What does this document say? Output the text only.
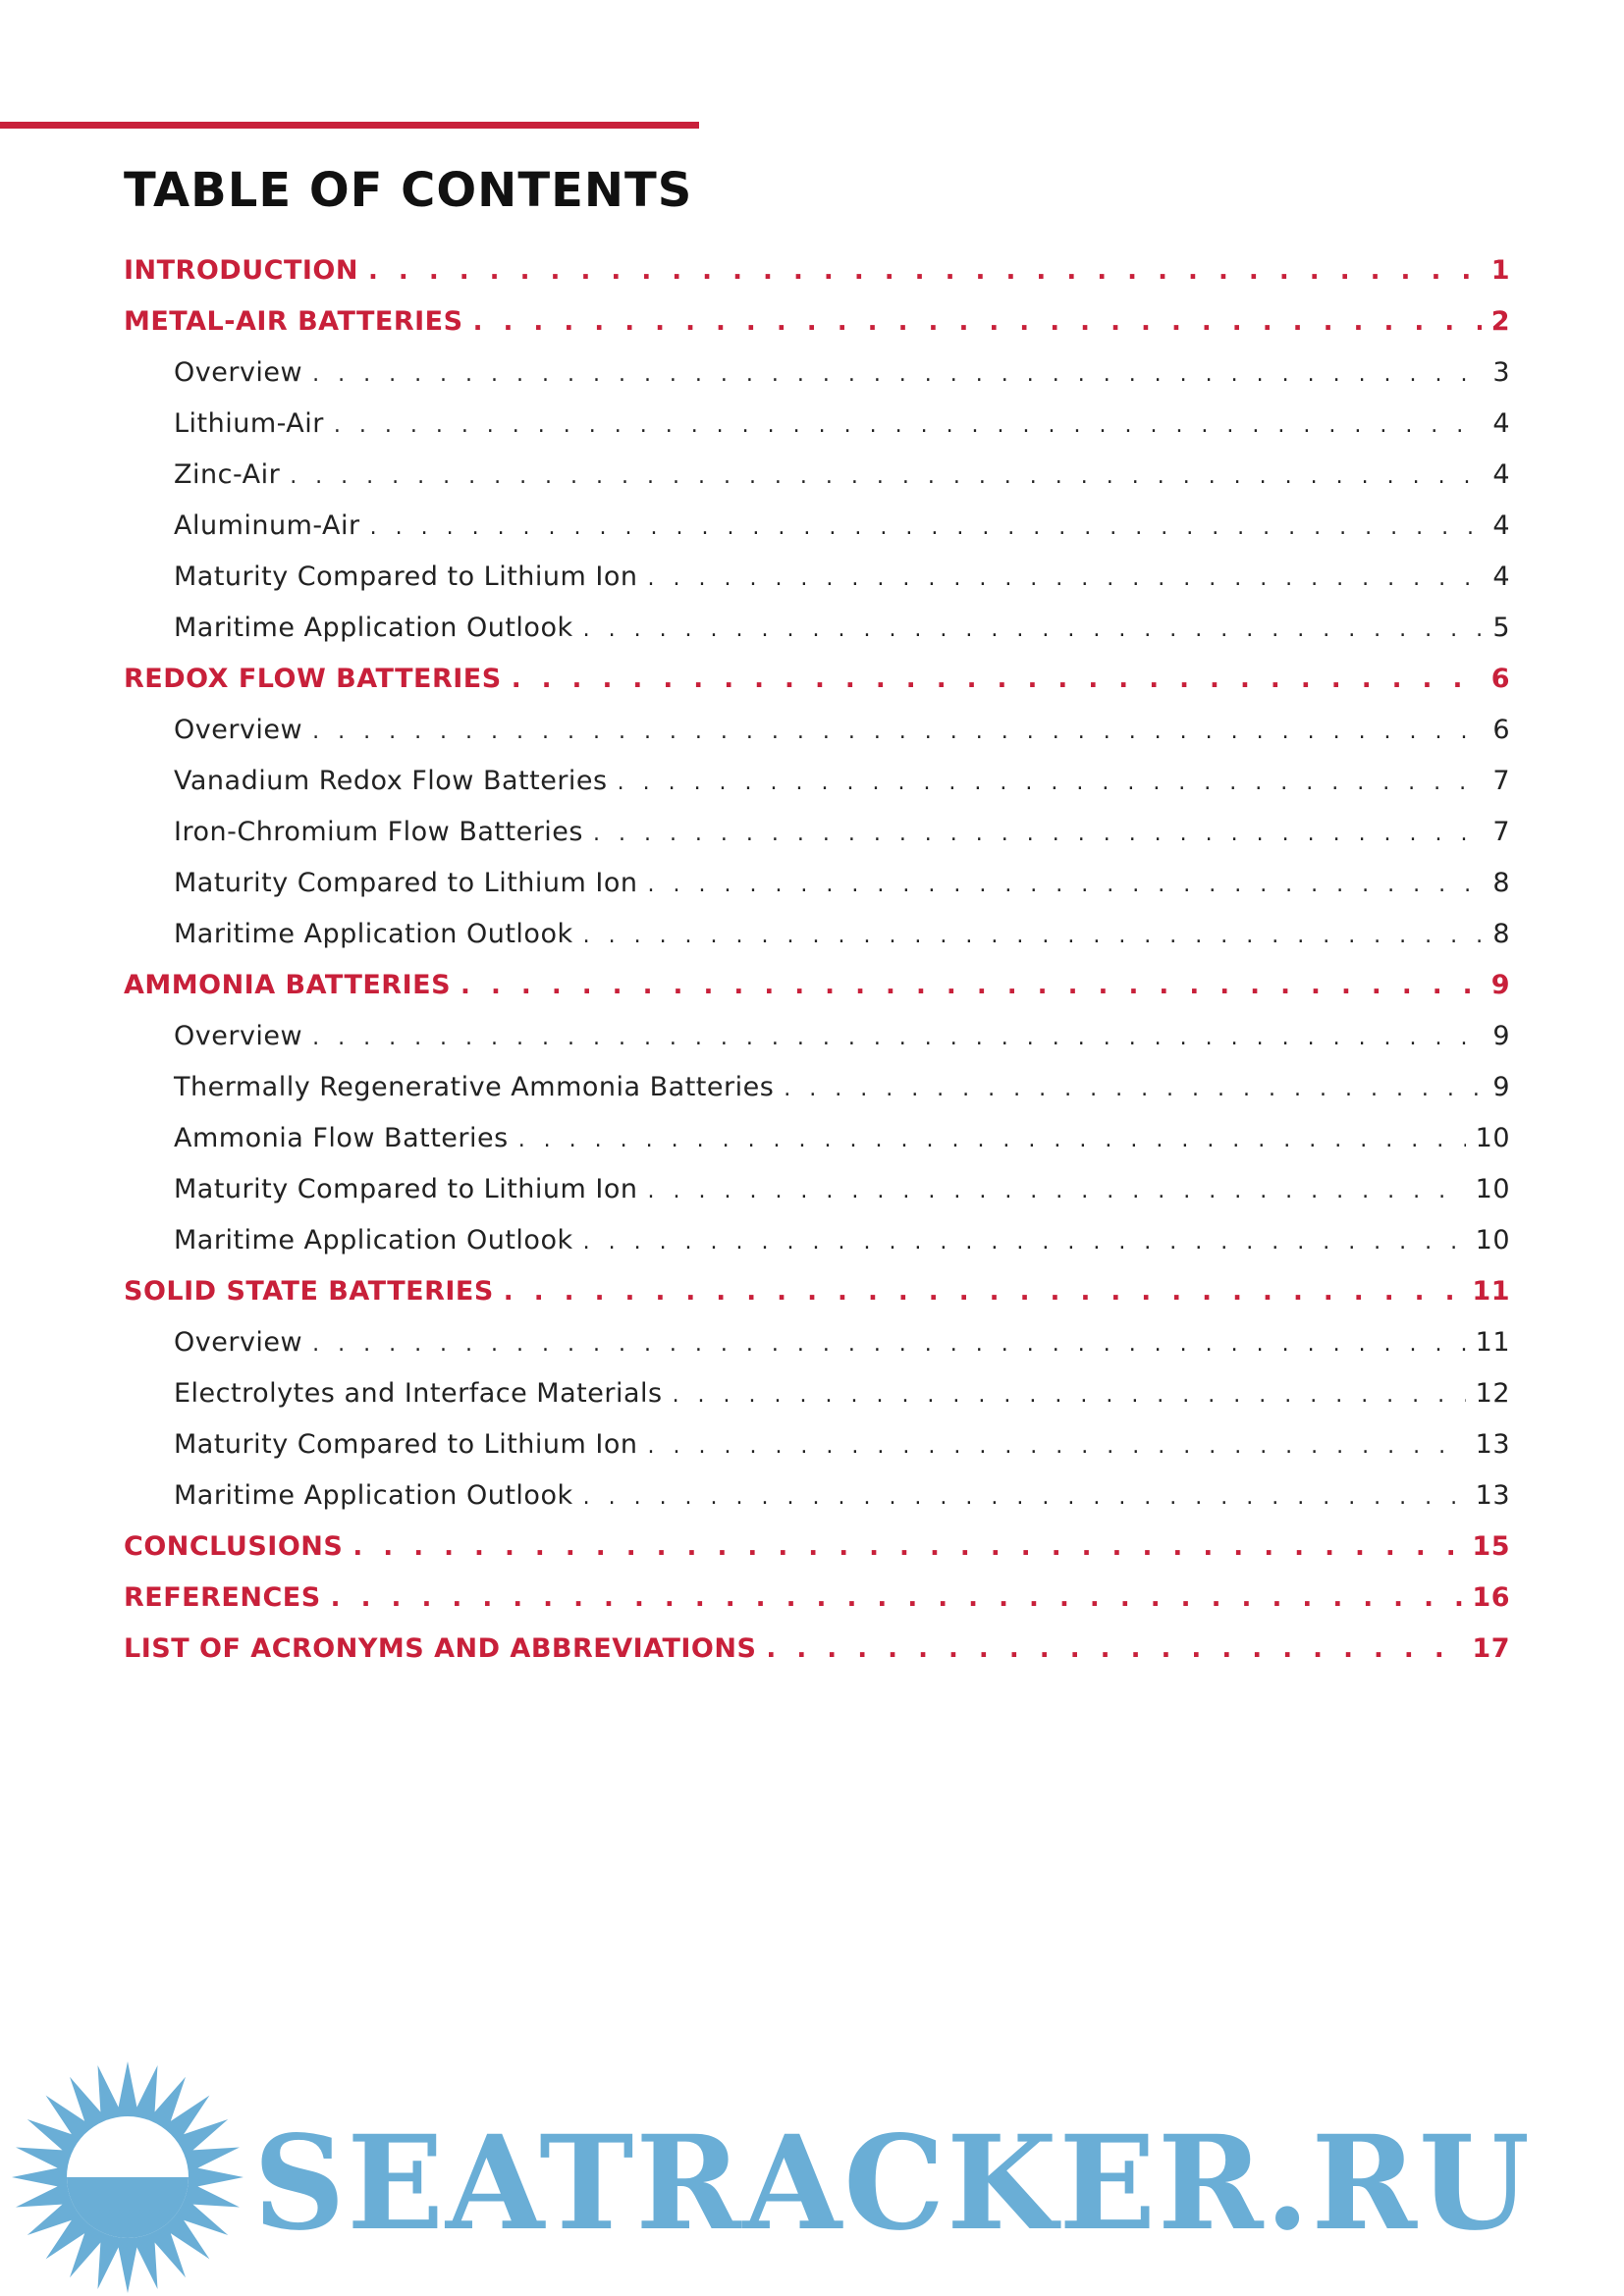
TABLE OF CONTENTS
INTRODUCTION . . .	1
METAL-AIR BATTERIES . . .	2
Overview . . .	3
Lithium-Air . . .	4
Zinc-Air . . .	4
Aluminum-Air . . .	4
Maturity Compared to Lithium Ion . . .	4
Maritime Application Outlook . . .	5
REDOX FLOW BATTERIES . . .	6
Overview . . .	6
Vanadium Redox Flow Batteries . . .	7
Iron-Chromium Flow Batteries . . .	7
Maturity Compared to Lithium Ion . . .	8
Maritime Application Outlook . . .	8
AMMONIA BATTERIES . . .	9
Overview . . .	9
Thermally Regenerative Ammonia Batteries . . .	9
Ammonia Flow Batteries . . .	10
Maturity Compared to Lithium Ion . . .	10
Maritime Application Outlook . . .	10
SOLID STATE BATTERIES . . .	11
Overview . . .	11
Electrolytes and Interface Materials . . .	12
Maturity Compared to Lithium Ion . . .	13
Maritime Application Outlook . . .	13
CONCLUSIONS . . .	15
REFERENCES . . .	16
LIST OF ACRONYMS AND ABBREVIATIONS . . .	17
SEATRACKER.RU
